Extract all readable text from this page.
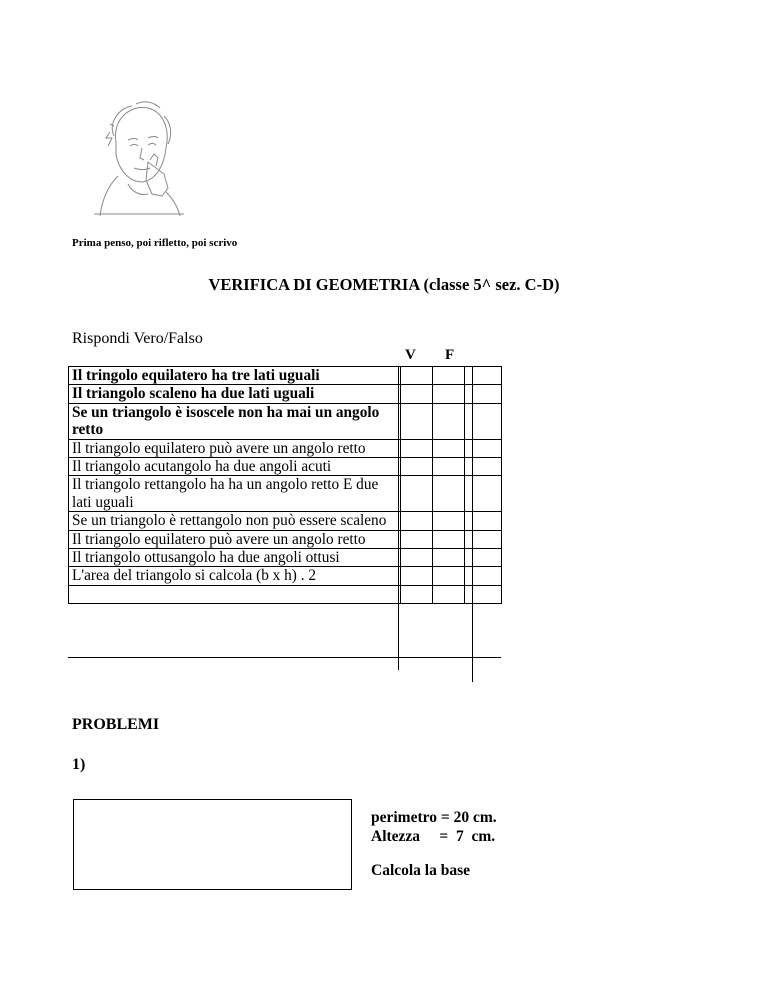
Prima penso, poi rifletto, poi scrivo
VERIFICA DI GEOMETRIA (classe 5^ sez. C-D)
Rispondi Vero/Falso
V F
Il tringolo equilatero ha tre lati uguali			
Il triangolo scaleno ha due lati uguali			
Se un triangolo è isoscele non ha mai un angolo retto			
Il triangolo equilatero può avere un angolo retto			
Il triangolo acutangolo ha due angoli acuti			
Il triangolo rettangolo ha ha un angolo retto E due lati uguali			
Se un triangolo è rettangolo non può essere scaleno			
Il triangolo equilatero può avere un angolo retto			
Il triangolo ottusangolo ha due angoli ottusi			
L'area del triangolo si calcola (b x h) . 2			

PROBLEMI
1)
perimetro = 20 cm.
Altezza     =  7  cm.
Calcola la base
